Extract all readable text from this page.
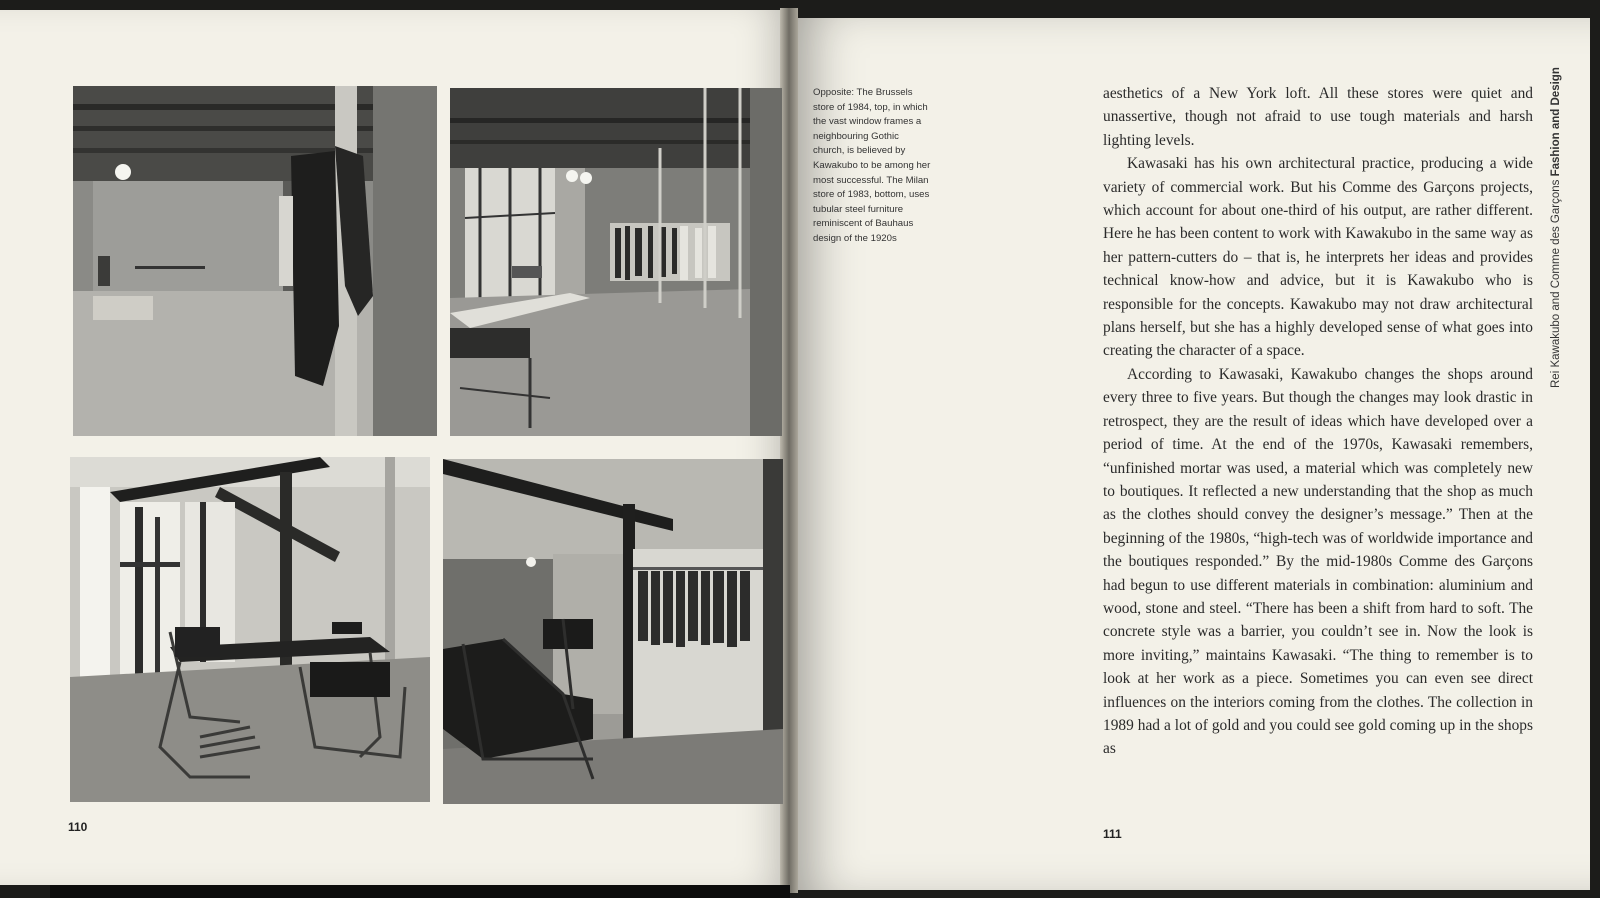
110
Opposite: The Brussels store of 1984, top, in which the vast window frames a neighbouring Gothic church, is believed by Kawakubo to be among her most successful. The Milan store of 1983, bottom, uses tubular steel furniture reminiscent of Bauhaus design of the 1920s

aesthetics of a New York loft. All these stores were quiet and unassertive, though not afraid to use tough materials and harsh lighting levels.

Kawasaki has his own architectural practice, producing a wide variety of commercial work. But his Comme des Garçons projects, which account for about one-third of his output, are rather different. Here he has been content to work with Kawakubo in the same way as her pattern-cutters do – that is, he interprets her ideas and provides technical know-how and advice, but it is Kawakubo who is responsible for the concepts. Kawakubo may not draw architectural plans herself, but she has a highly developed sense of what goes into creating the character of a space.

According to Kawasaki, Kawakubo changes the shops around every three to five years. But though the changes may look drastic in retrospect, they are the result of ideas which have developed over a period of time. At the end of the 1970s, Kawasaki remembers, “unfinished mortar was used, a material which was completely new to boutiques. It reflected a new understanding that the shop as much as the clothes should convey the designer’s message.” Then at the beginning of the 1980s, “high-tech was of worldwide importance and the boutiques responded.” By the mid-1980s Comme des Garçons had begun to use different materials in combination: aluminium and wood, stone and steel. “There has been a shift from hard to soft. The concrete style was a barrier, you couldn’t see in. Now the look is more inviting,” maintains Kawasaki. “The thing to remember is to look at her work as a piece. Sometimes you can even see direct influences on the interiors coming from the clothes. The collection in 1989 had a lot of gold and you could see gold coming up in the shops as

111
Rei Kawakubo and Comme des Garçons Fashion and Design
